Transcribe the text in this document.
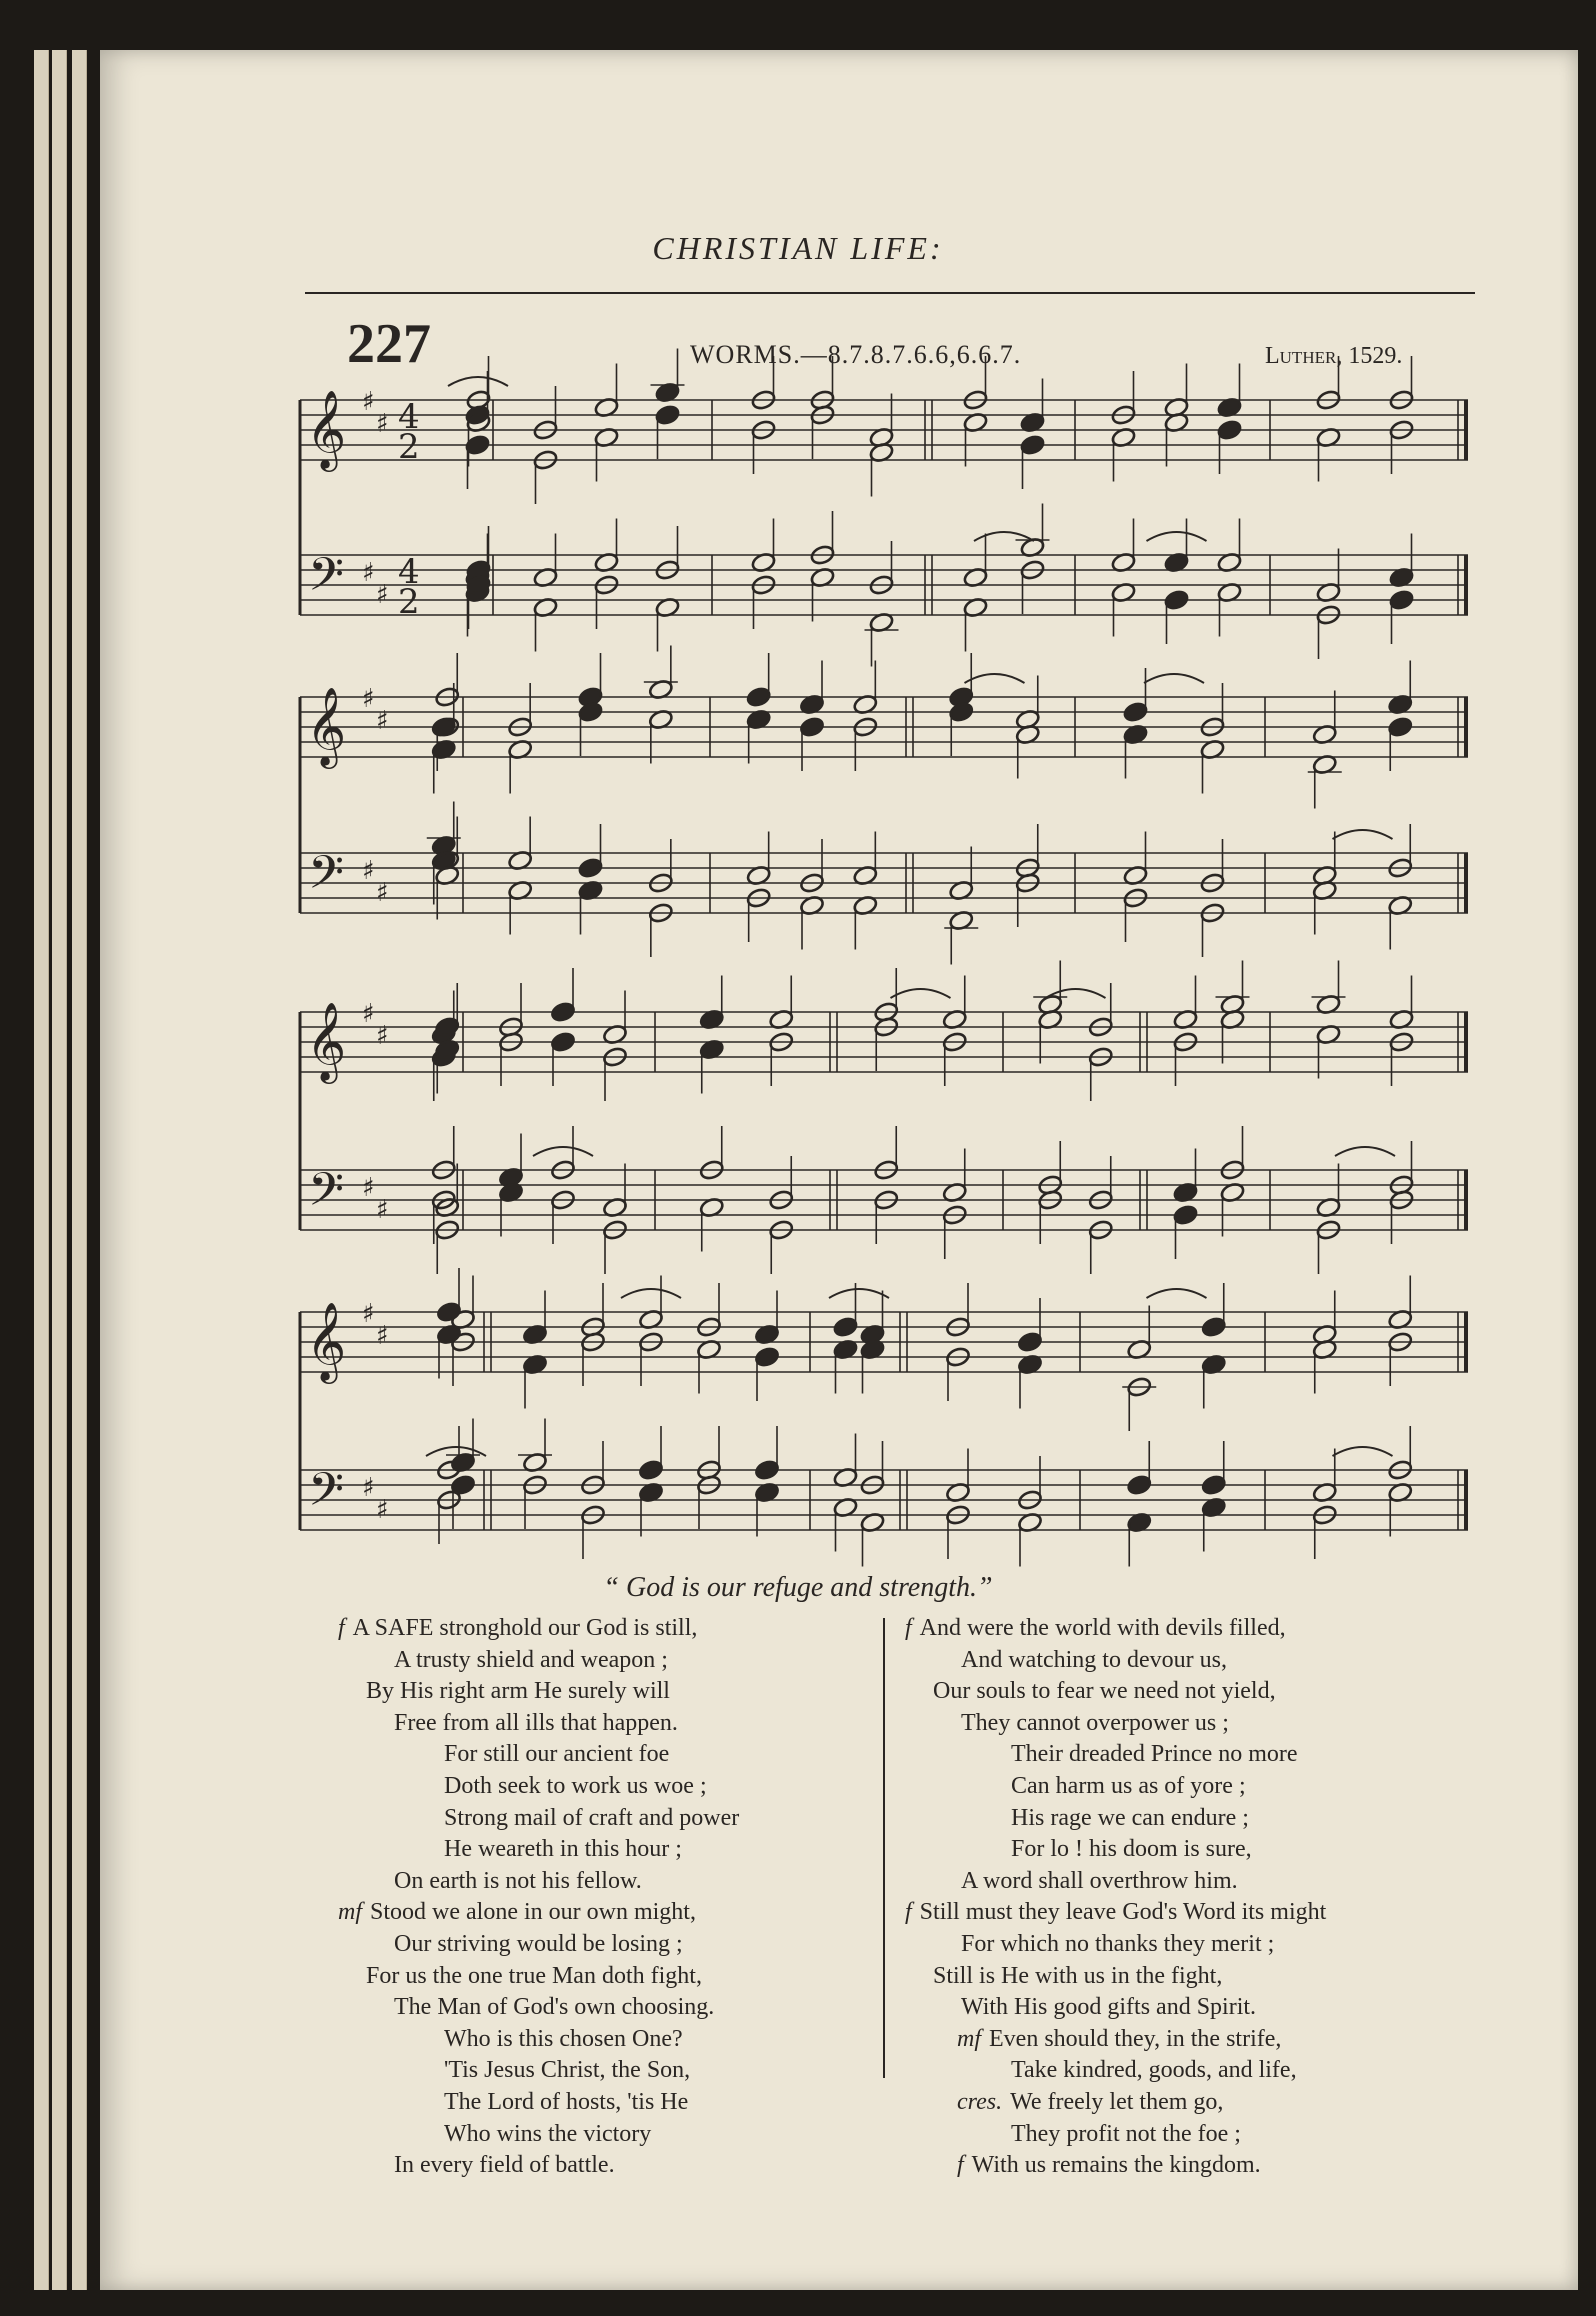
CHRISTIAN LIFE:
227	WORMS.—8.7.8.7.6.6,6.6.7.	Luther, 1529.
𝄞 ♯
♯ 4
2
𝄢 ♯
♯
4
2
𝄞 ♯
♯
𝄢 ♯
♯
𝄞 ♯
♯
𝄢 ♯
♯
𝄞 ♯
♯
𝄢 ♯
♯
“ God is our refuge and strength.”
f A SAFE stronghold our God is still,
A trusty shield and weapon ;
By His right arm He surely will
Free from all ills that happen.
For still our ancient foe
Doth seek to work us woe ;
Strong mail of craft and power
He weareth in this hour ;
On earth is not his fellow.
mf Stood we alone in our own might,
Our striving would be losing ;
For us the one true Man doth fight,
The Man of God's own choosing.
Who is this chosen One?
'Tis Jesus Christ, the Son,
The Lord of hosts, 'tis He
Who wins the victory
In every field of battle.
f And were the world with devils filled,
And watching to devour us,
Our souls to fear we need not yield,
They cannot overpower us ;
Their dreaded Prince no more
Can harm us as of yore ;
His rage we can endure ;
For lo ! his doom is sure,
A word shall overthrow him.
f Still must they leave God's Word its might
For which no thanks they merit ;
Still is He with us in the fight,
With His good gifts and Spirit.
mf Even should they, in the strife,
Take kindred, goods, and life,
cres. We freely let them go,
They profit not the foe ;
f With us remains the kingdom.
